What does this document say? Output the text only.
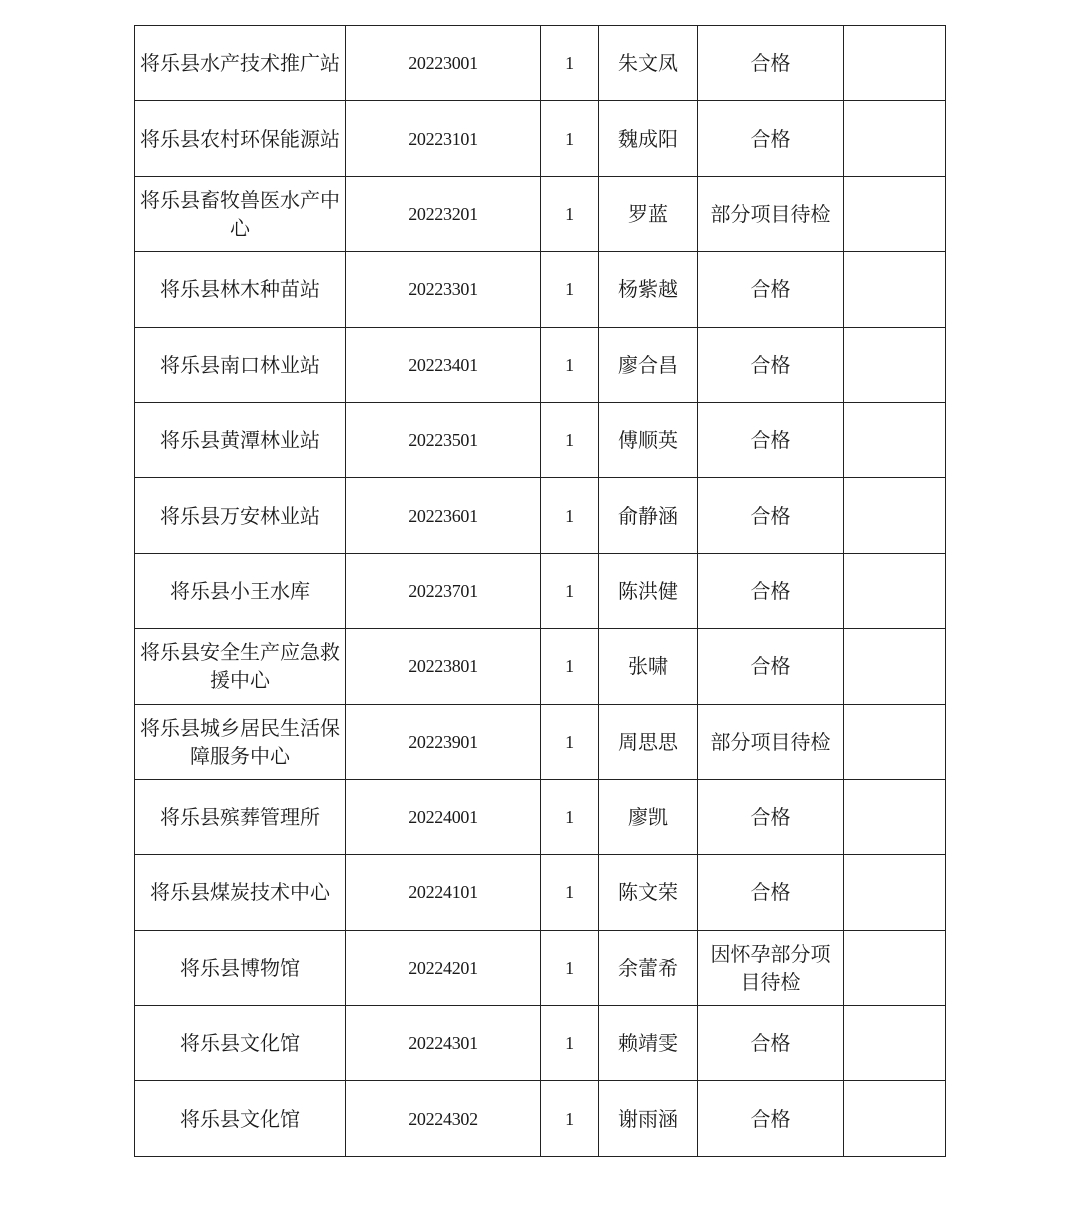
将乐县水产技术推广站	20223001	1	朱文凤	合格	
将乐县农村环保能源站	20223101	1	魏成阳	合格	
将乐县畜牧兽医水产中心	20223201	1	罗蓝	部分项目待检	
将乐县林木种苗站	20223301	1	杨紫越	合格	
将乐县南口林业站	20223401	1	廖合昌	合格	
将乐县黄潭林业站	20223501	1	傅顺英	合格	
将乐县万安林业站	20223601	1	俞静涵	合格	
将乐县小王水库	20223701	1	陈洪健	合格	
将乐县安全生产应急救援中心	20223801	1	张啸	合格	
将乐县城乡居民生活保障服务中心	20223901	1	周思思	部分项目待检	
将乐县殡葬管理所	20224001	1	廖凯	合格	
将乐县煤炭技术中心	20224101	1	陈文荣	合格	
将乐县博物馆	20224201	1	余蕾希	因怀孕部分项目待检	
将乐县文化馆	20224301	1	赖靖雯	合格	
将乐县文化馆	20224302	1	谢雨涵	合格	
